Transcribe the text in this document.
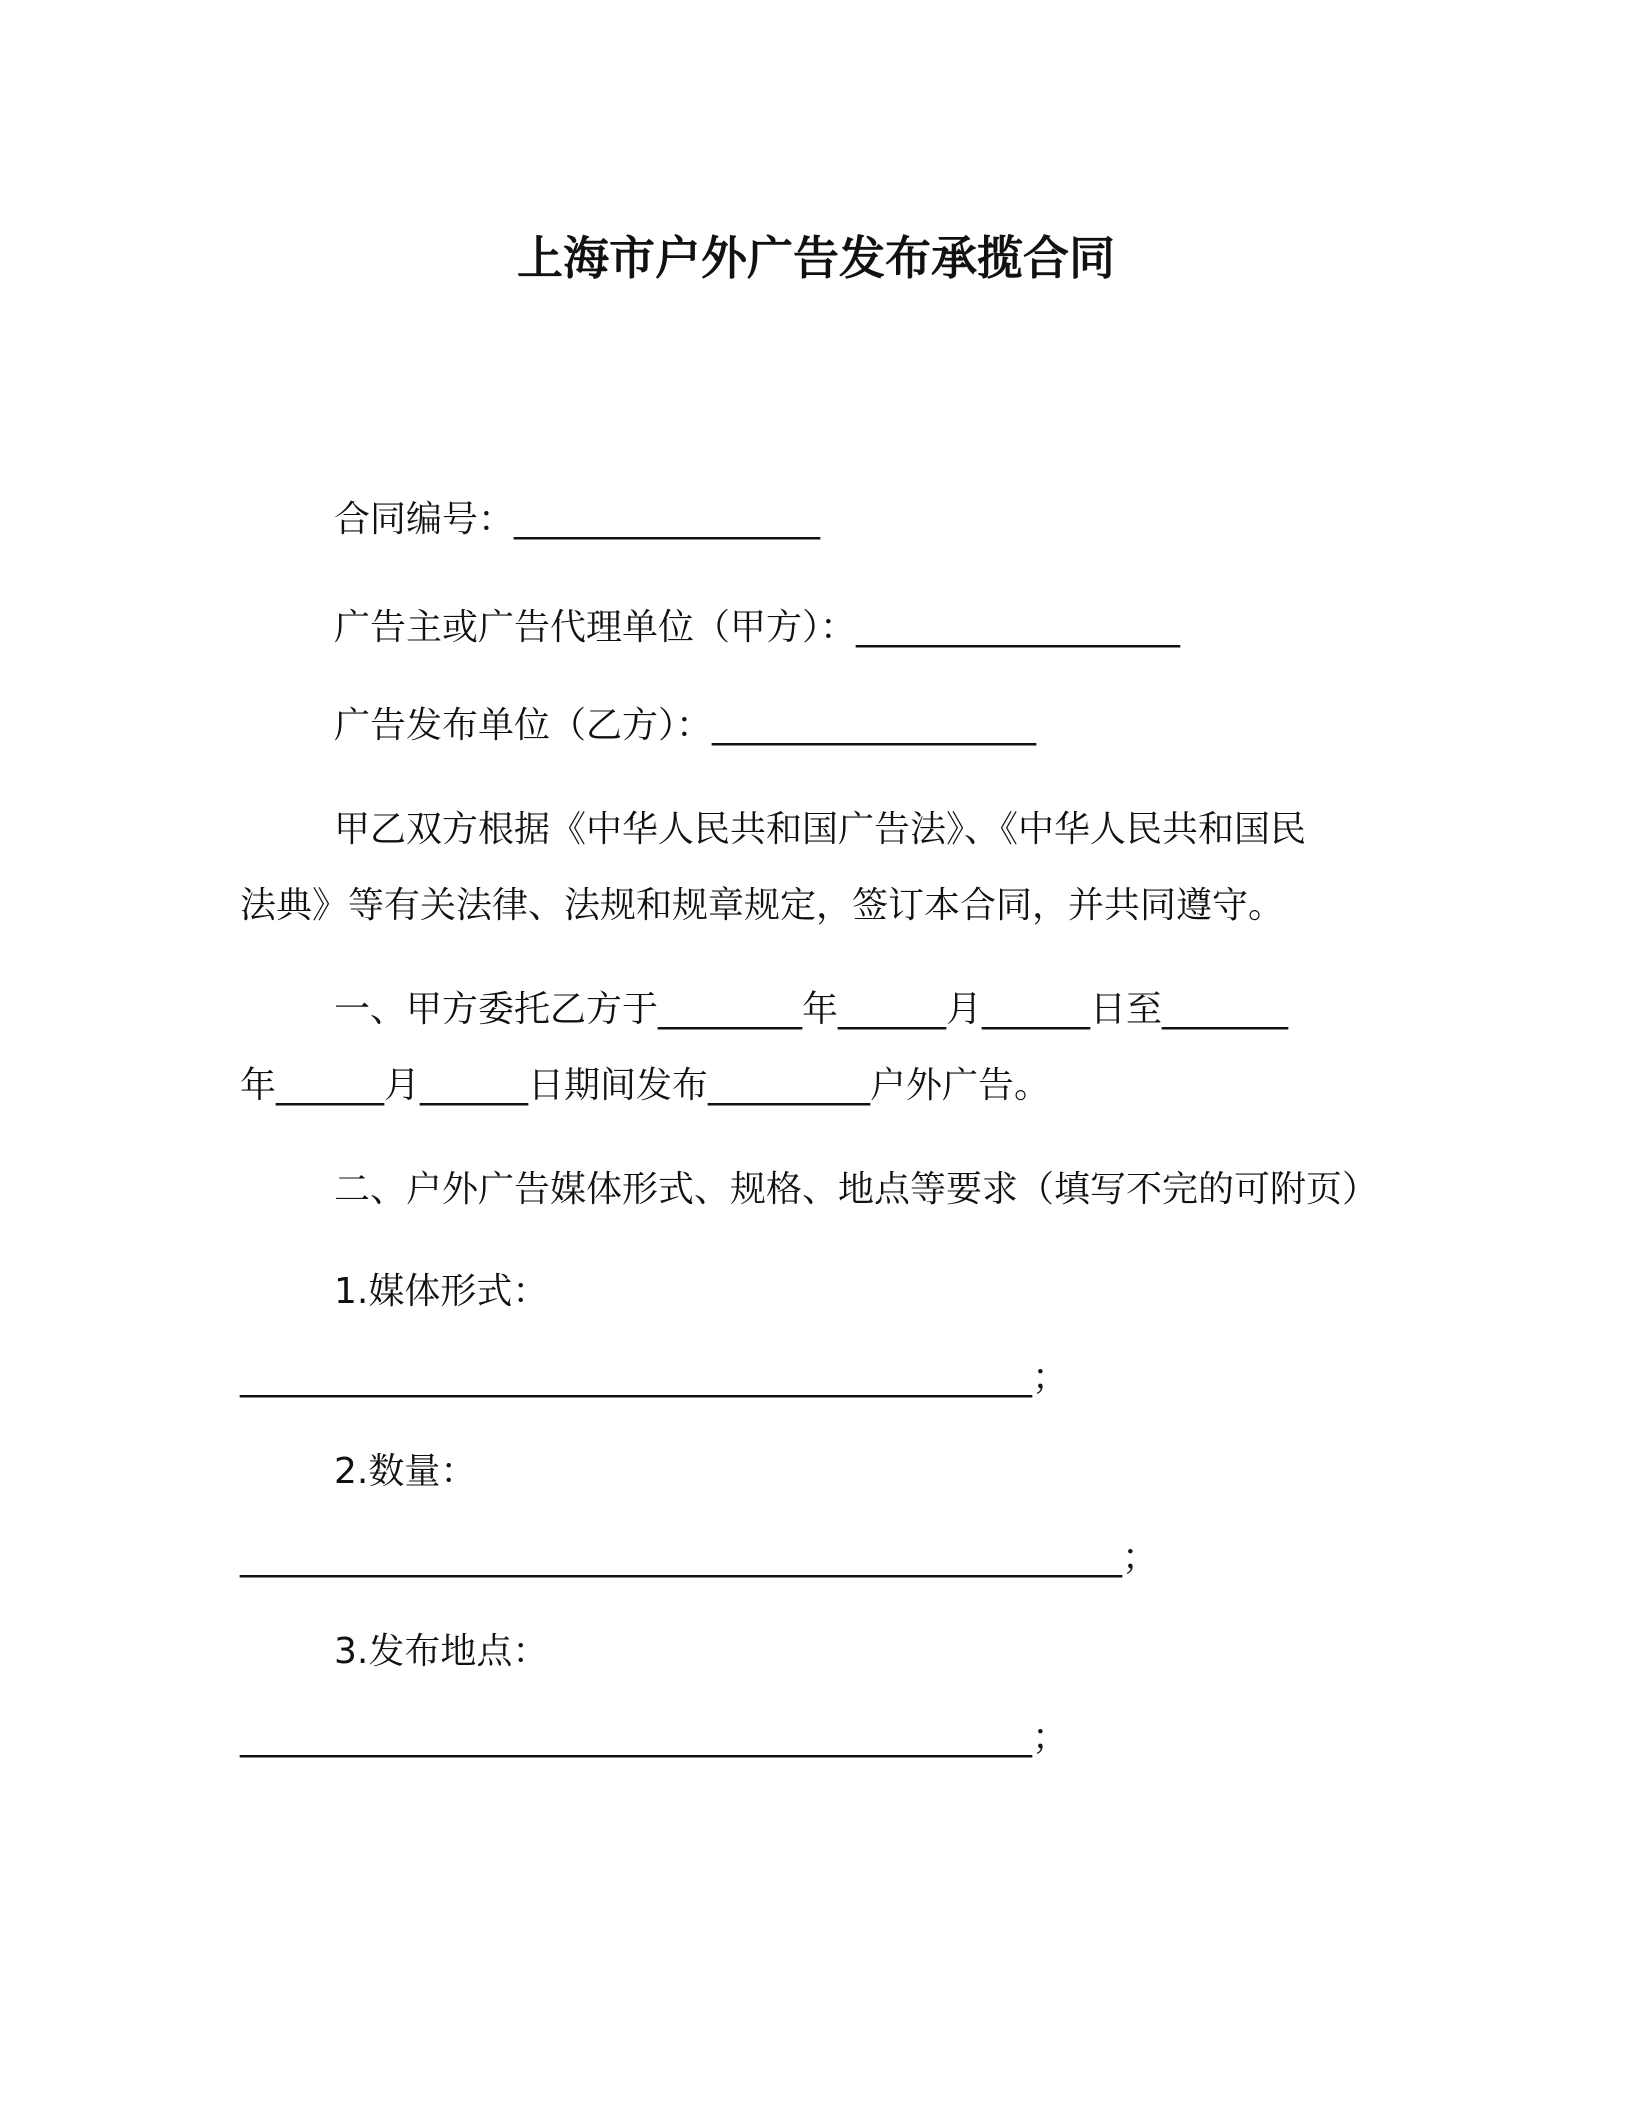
上海市户外广告发布承揽合同
合同编号：_________________
广告主或广告代理单位（甲方）：__________________
广告发布单位（乙方）：__________________
甲乙双方根据《中华人民共和国广告法》、《中华人民共和国民
法典》等有关法律、法规和规章规定，签订本合同，并共同遵守。
一、甲方委托乙方于________年______月______日至_______
年______月______日期间发布_________户外广告。
二、户外广告媒体形式、规格、地点等要求（填写不完的可附页）
1.媒体形式：
____________________________________________；
2.数量：
_________________________________________________；
3.发布地点：
____________________________________________；
